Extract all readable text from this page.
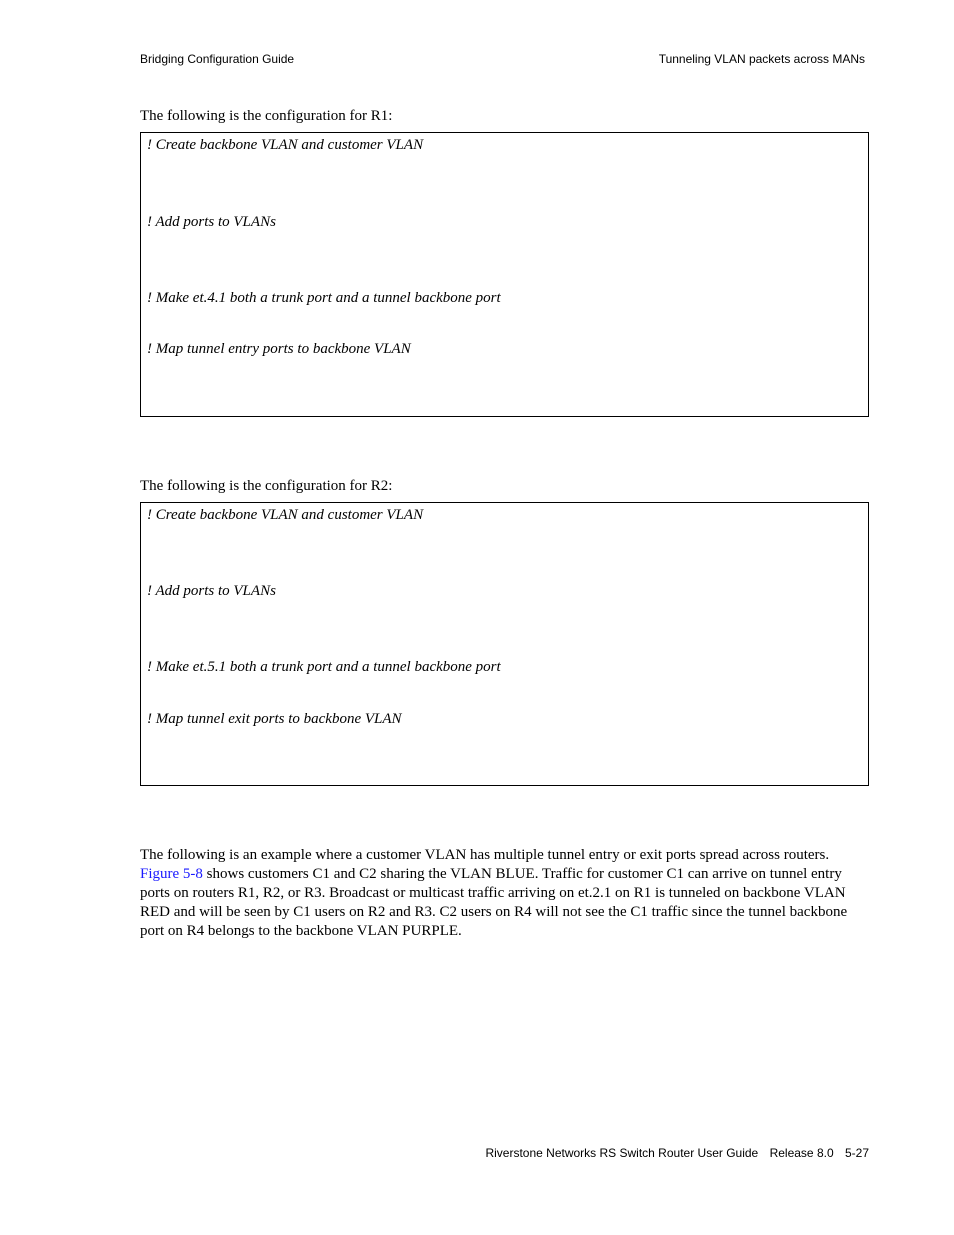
Bridging Configuration Guide	Tunneling VLAN packets across MANs
The following is the configuration for R1:
! Create backbone VLAN and customer VLAN
! Add ports to VLANs
! Make et.4.1 both a trunk port and a tunnel backbone port
! Map tunnel entry ports to backbone VLAN
The following is the configuration for R2:
! Create backbone VLAN and customer VLAN
! Add ports to VLANs
! Make et.5.1 both a trunk port and a tunnel backbone port
! Map tunnel exit ports to backbone VLAN
The following is an example where a customer VLAN has multiple tunnel entry or exit ports spread across routers. Figure 5-8 shows customers C1 and C2 sharing the VLAN BLUE. Traffic for customer C1 can arrive on tunnel entry ports on routers R1, R2, or R3. Broadcast or multicast traffic arriving on et.2.1 on R1 is tunneled on backbone VLAN RED and will be seen by C1 users on R2 and R3. C2 users on R4 will not see the C1 traffic since the tunnel backbone port on R4 belongs to the backbone VLAN PURPLE.
Riverstone Networks RS Switch Router User Guide Release 8.0 5-27
